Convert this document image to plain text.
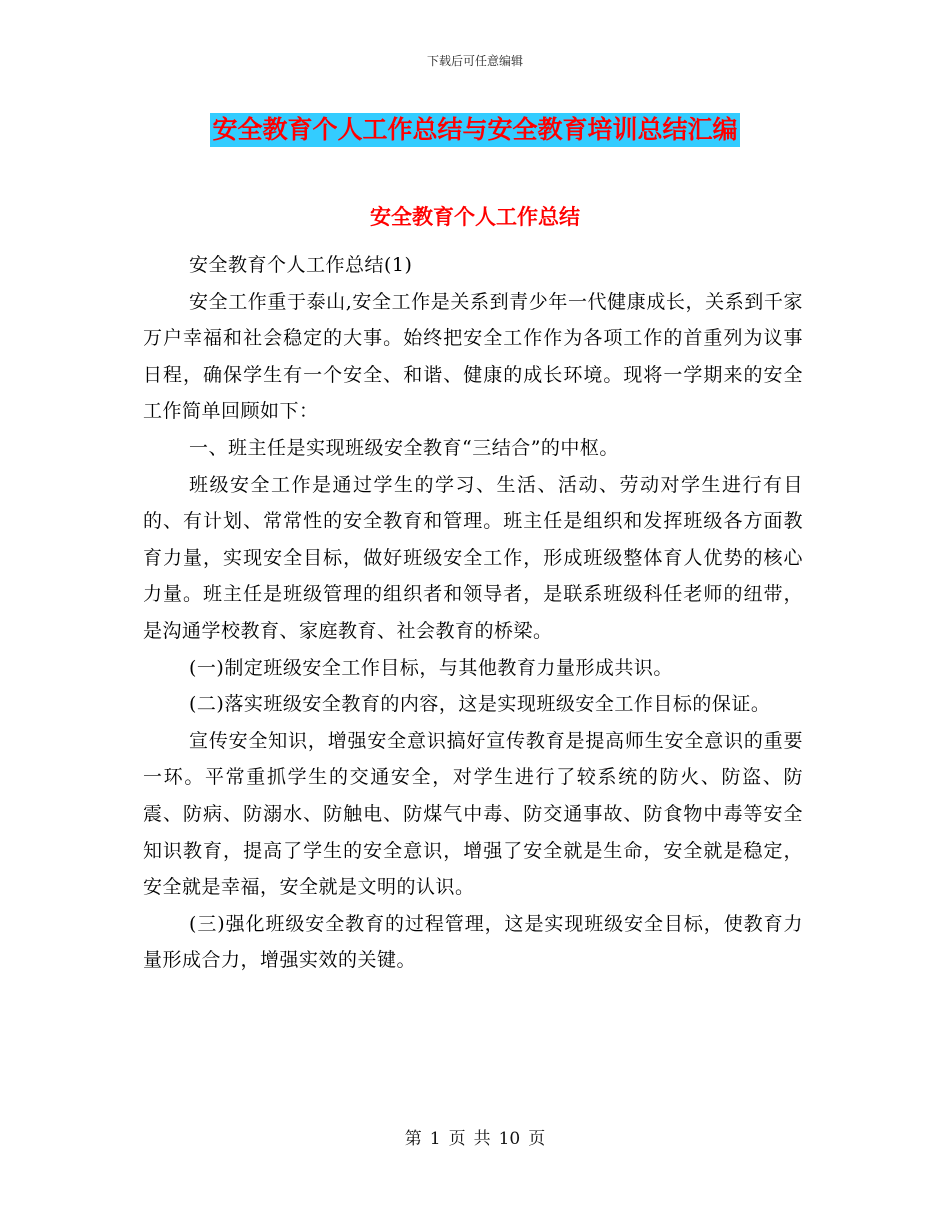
下载后可任意编辑
安全教育个人工作总结与安全教育培训总结汇编
安全教育个人工作总结

安全教育个人工作总结(1)

安全工作重于泰山,安全工作是关系到青少年一代健康成长，关系到千家万户幸福和社会稳定的大事。始终把安全工作作为各项工作的首重列为议事日程，确保学生有一个安全、和谐、健康的成长环境。现将一学期来的安全工作简单回顾如下：

一、班主任是实现班级安全教育“三结合”的中枢。

班级安全工作是通过学生的学习、生活、活动、劳动对学生进行有目的、有计划、常常性的安全教育和管理。班主任是组织和发挥班级各方面教育力量，实现安全目标，做好班级安全工作，形成班级整体育人优势的核心力量。班主任是班级管理的组织者和领导者，是联系班级科任老师的纽带，是沟通学校教育、家庭教育、社会教育的桥梁。

(一)制定班级安全工作目标，与其他教育力量形成共识。

(二)落实班级安全教育的内容，这是实现班级安全工作目标的保证。

宣传安全知识，增强安全意识搞好宣传教育是提高师生安全意识的重要一环。平常重抓学生的交通安全，对学生进行了较系统的防火、防盗、防震、防病、防溺水、防触电、防煤气中毒、防交通事故、防食物中毒等安全知识教育，提高了学生的安全意识，增强了安全就是生命，安全就是稳定，安全就是幸福，安全就是文明的认识。

(三)强化班级安全教育的过程管理，这是实现班级安全目标，使教育力量形成合力，增强实效的关键。

第 1 页 共 10 页
